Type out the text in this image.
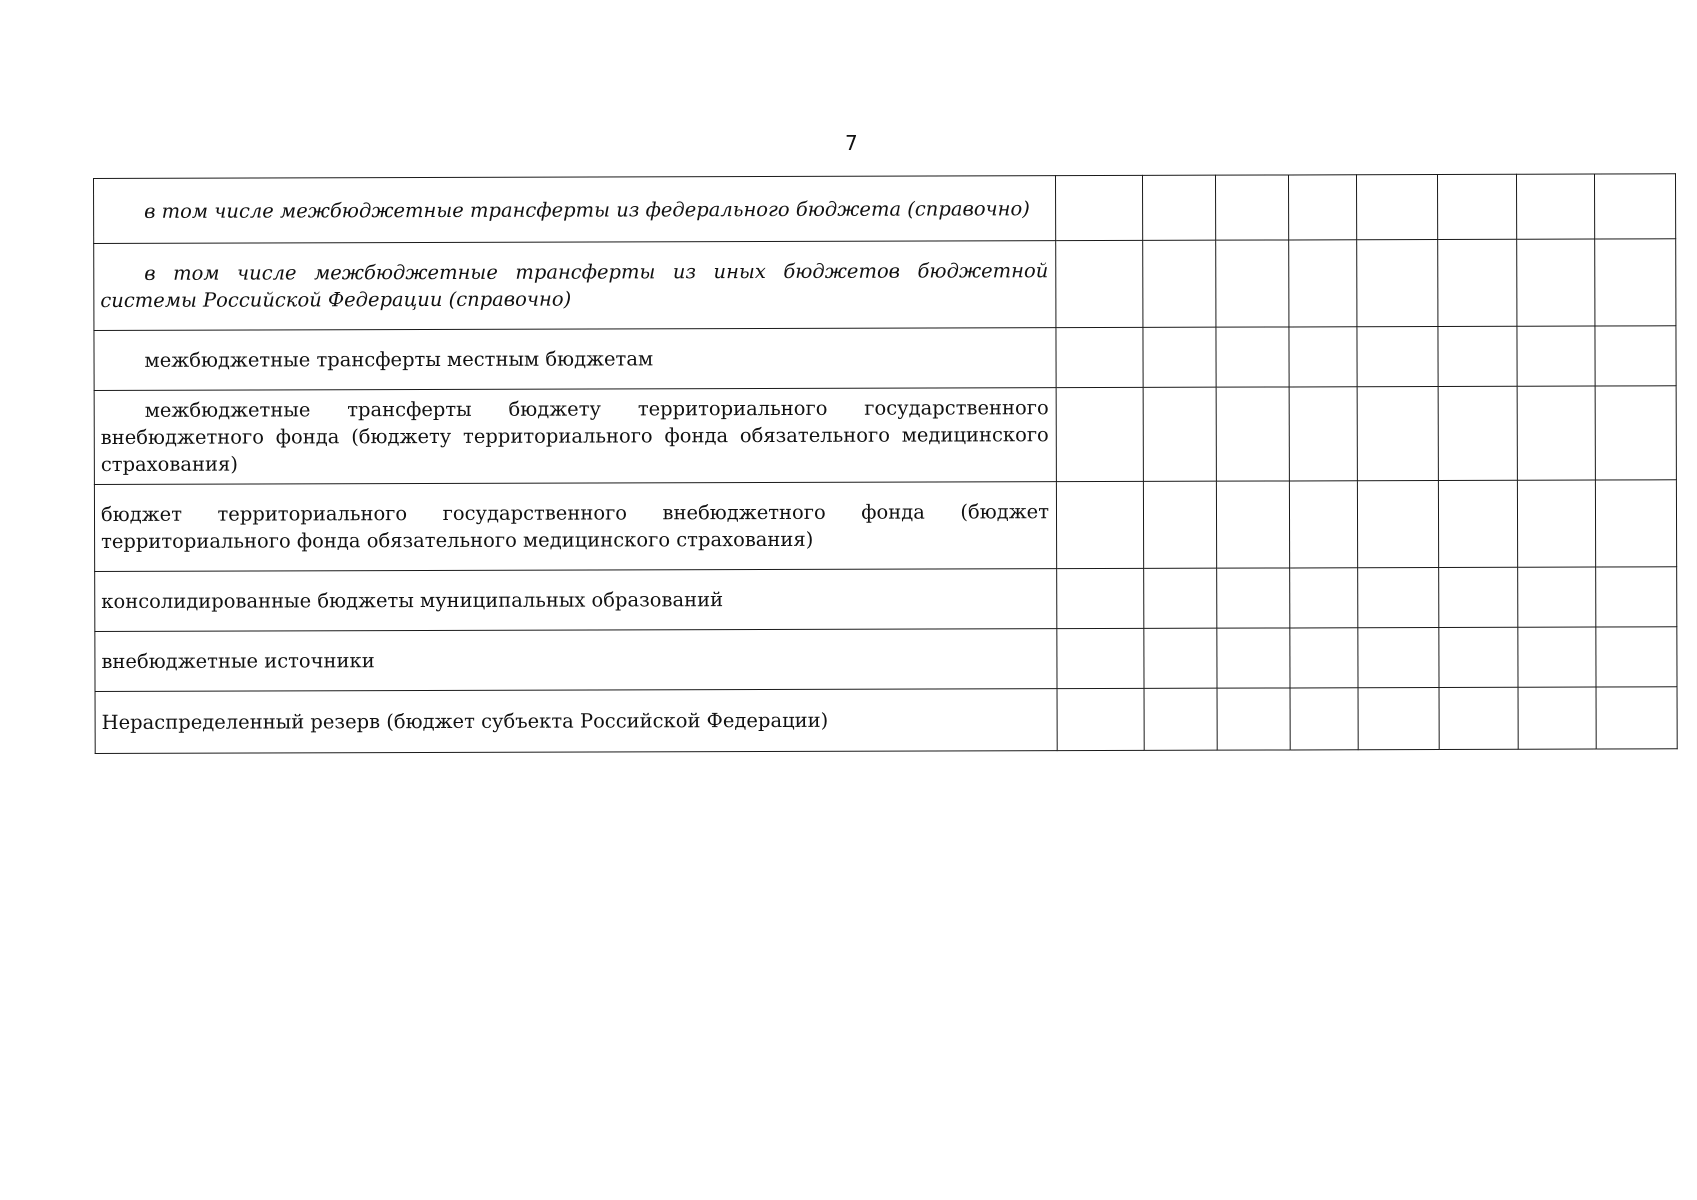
7
в том числе межбюджетные трансферты из федерального бюджета (справочно)								

в том числе межбюджетные трансферты из иных бюджетов бюджетной системы Российской Федерации (справочно)								

межбюджетные трансферты местным бюджетам								

межбюджетные трансферты бюджету территориального государственного внебюджетного фонда (бюджету территориального фонда обязательного медицинского страхования)								

бюджет территориального государственного внебюджетного фонда (бюджет территориального фонда обязательного медицинского страхования)								

консолидированные бюджеты муниципальных образований								

внебюджетные источники								

Нераспределенный резерв (бюджет субъекта Российской Федерации)								
